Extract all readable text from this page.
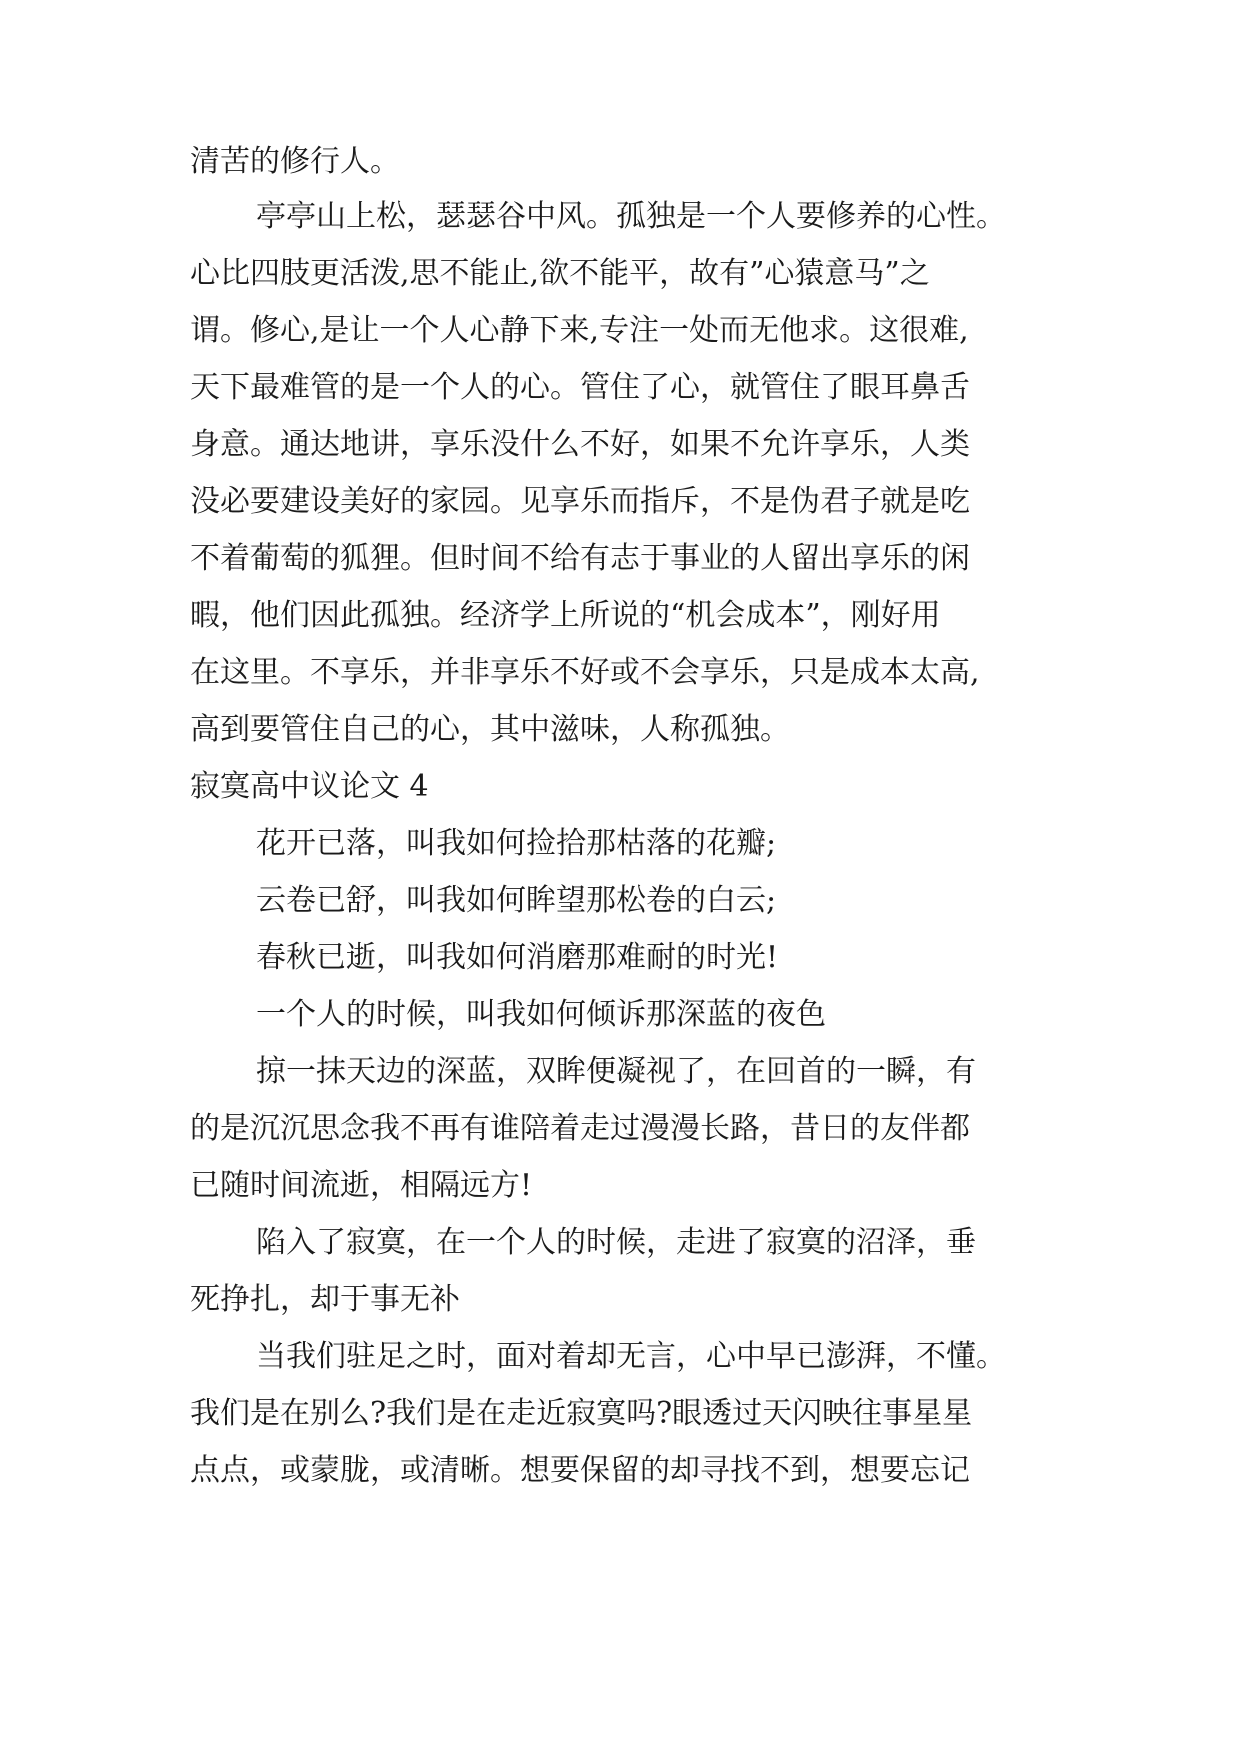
清苦的修行人。
亭亭山上松，瑟瑟谷中风。孤独是一个人要修养的心性。
心比四肢更活泼,思不能止,欲不能平，故有”心猿意马”之
谓。修心,是让一个人心静下来,专注一处而无他求。这很难,
天下最难管的是一个人的心。管住了心，就管住了眼耳鼻舌
身意。通达地讲，享乐没什么不好，如果不允许享乐，人类
没必要建设美好的家园。见享乐而指斥，不是伪君子就是吃
不着葡萄的狐狸。但时间不给有志于事业的人留出享乐的闲
暇，他们因此孤独。经济学上所说的“机会成本”，刚好用
在这里。不享乐，并非享乐不好或不会享乐，只是成本太高,
高到要管住自己的心，其中滋味，人称孤独。
寂寞高中议论文 4
花开已落，叫我如何捡拾那枯落的花瓣;
云卷已舒，叫我如何眸望那松卷的白云;
春秋已逝，叫我如何消磨那难耐的时光!
一个人的时候，叫我如何倾诉那深蓝的夜色
掠一抹天边的深蓝，双眸便凝视了，在回首的一瞬，有
的是沉沉思念我不再有谁陪着走过漫漫长路，昔日的友伴都
已随时间流逝，相隔远方!
陷入了寂寞，在一个人的时候，走进了寂寞的沼泽，垂
死挣扎，却于事无补
当我们驻足之时，面对着却无言，心中早已澎湃，不懂。
我们是在别么?我们是在走近寂寞吗?眼透过天闪映往事星星
点点，或蒙胧，或清晰。想要保留的却寻找不到，想要忘记
